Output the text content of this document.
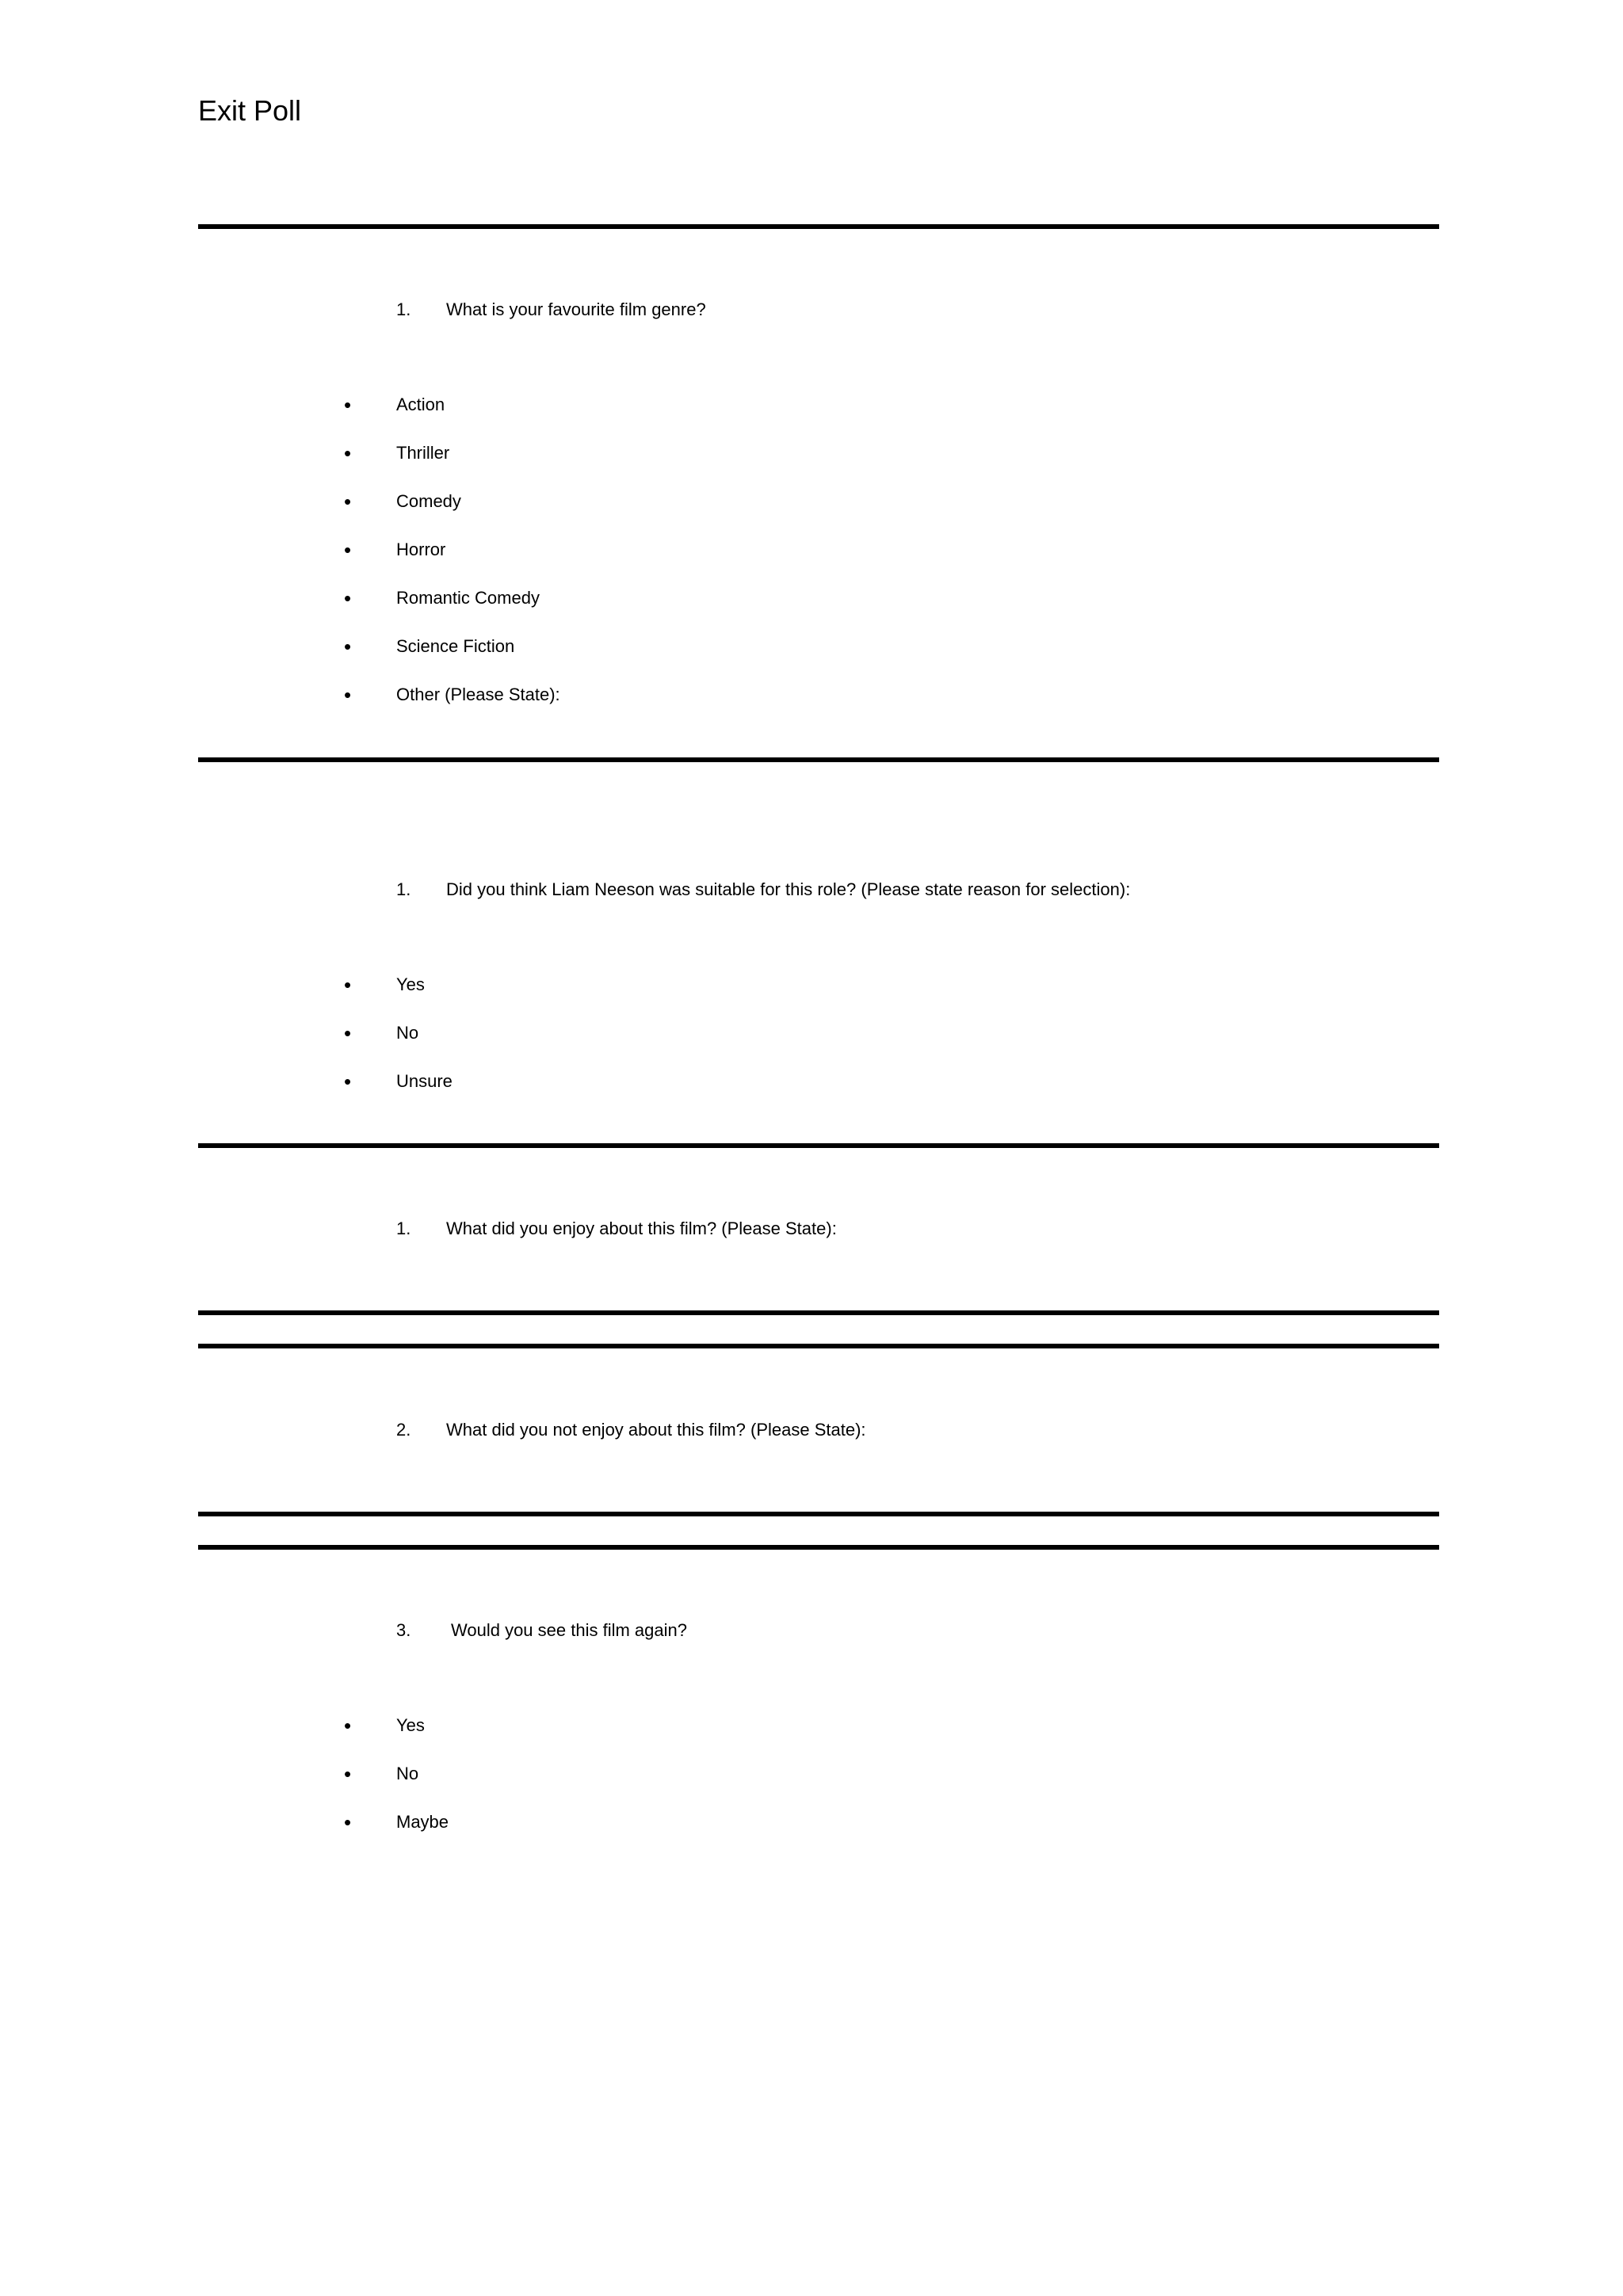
Exit Poll
1. What is your favourite film genre?
•	Action
•	Thriller
•	Comedy
•	Horror
•	Romantic Comedy
•	Science Fiction
•	Other (Please State):
1. Did you think Liam Neeson was suitable for this role? (Please state reason for selection):
•	Yes
•	No
•	Unsure
1. What did you enjoy about this film? (Please State):
2. What did you not enjoy about this film? (Please State):
3. Would you see this film again?
•	Yes
•	No
•	Maybe
